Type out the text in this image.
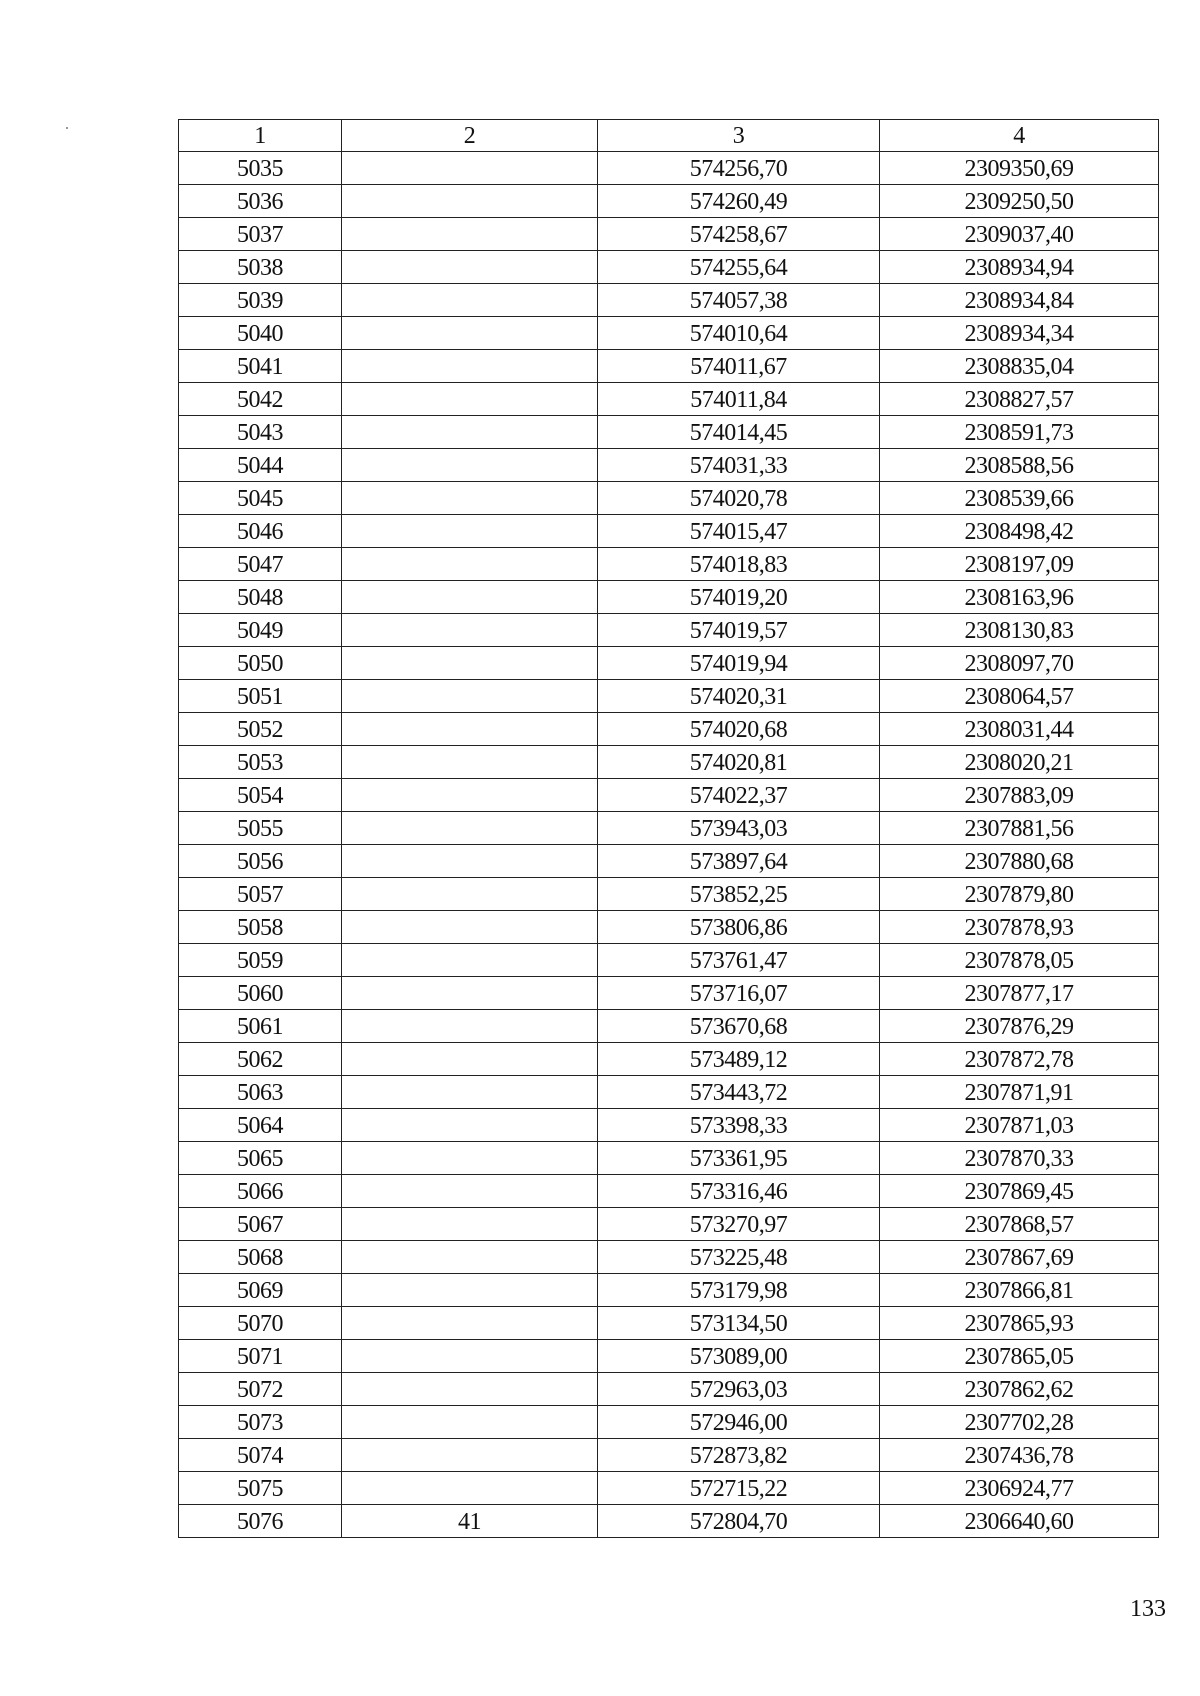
1	2	3	4
5035		574256,70	2309350,69
5036		574260,49	2309250,50
5037		574258,67	2309037,40
5038		574255,64	2308934,94
5039		574057,38	2308934,84
5040		574010,64	2308934,34
5041		574011,67	2308835,04
5042		574011,84	2308827,57
5043		574014,45	2308591,73
5044		574031,33	2308588,56
5045		574020,78	2308539,66
5046		574015,47	2308498,42
5047		574018,83	2308197,09
5048		574019,20	2308163,96
5049		574019,57	2308130,83
5050		574019,94	2308097,70
5051		574020,31	2308064,57
5052		574020,68	2308031,44
5053		574020,81	2308020,21
5054		574022,37	2307883,09
5055		573943,03	2307881,56
5056		573897,64	2307880,68
5057		573852,25	2307879,80
5058		573806,86	2307878,93
5059		573761,47	2307878,05
5060		573716,07	2307877,17
5061		573670,68	2307876,29
5062		573489,12	2307872,78
5063		573443,72	2307871,91
5064		573398,33	2307871,03
5065		573361,95	2307870,33
5066		573316,46	2307869,45
5067		573270,97	2307868,57
5068		573225,48	2307867,69
5069		573179,98	2307866,81
5070		573134,50	2307865,93
5071		573089,00	2307865,05
5072		572963,03	2307862,62
5073		572946,00	2307702,28
5074		572873,82	2307436,78
5075		572715,22	2306924,77
5076	41	572804,70	2306640,60
133
